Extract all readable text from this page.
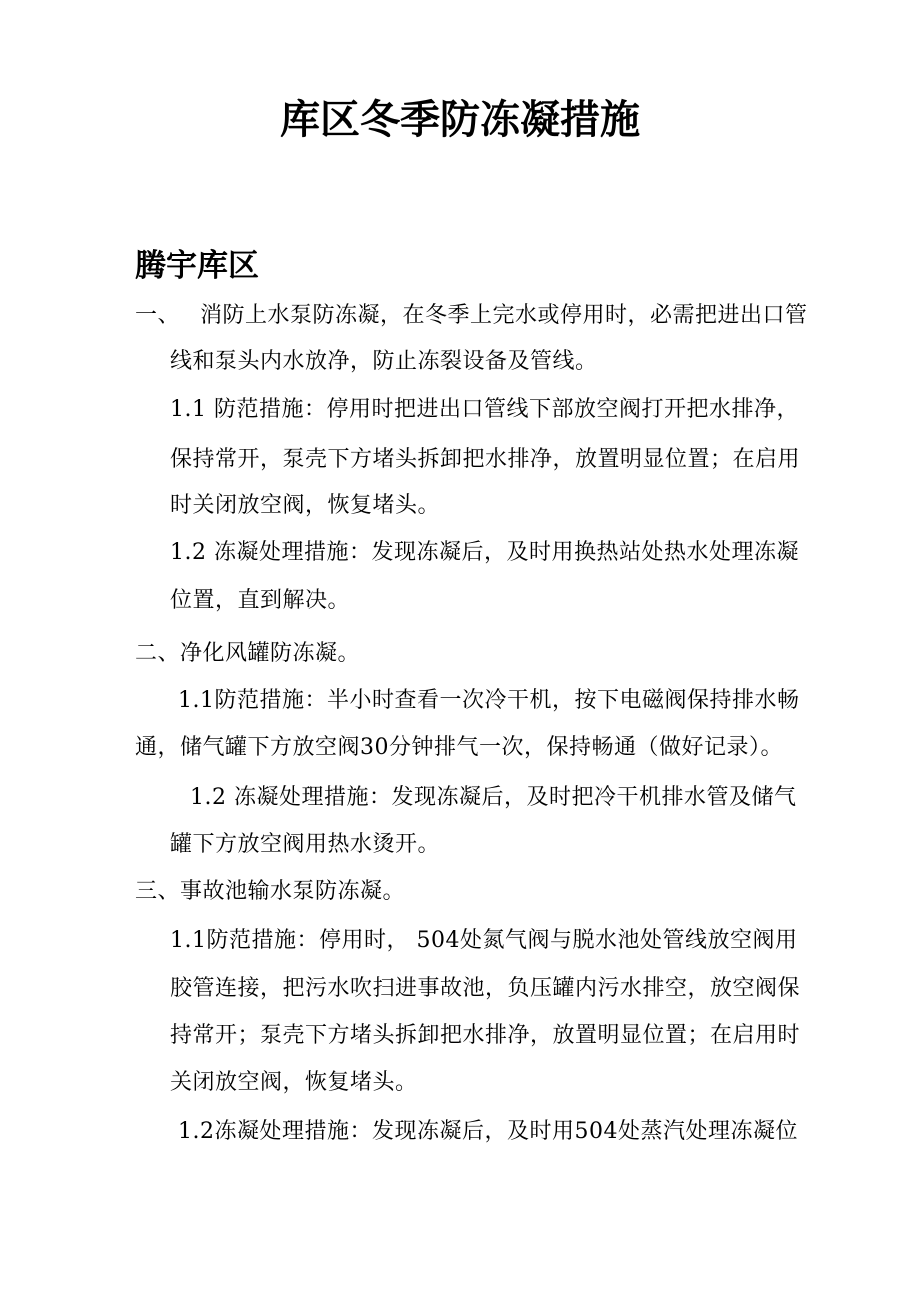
库区冬季防冻凝措施
腾宇库区
一、 消防上水泵防冻凝，在冬季上完水或停用时，必需把进出口管
线和泵头内水放净，防止冻裂设备及管线。
1.1 防范措施：停用时把进出口管线下部放空阀打开把水排净，
保持常开，泵壳下方堵头拆卸把水排净，放置明显位置；在启用
时关闭放空阀，恢复堵头。
1.2 冻凝处理措施：发现冻凝后，及时用换热站处热水处理冻凝
位置，直到解决。
二、净化风罐防冻凝。
1.1防范措施：半小时查看一次冷干机，按下电磁阀保持排水畅
通，储气罐下方放空阀30分钟排气一次，保持畅通（做好记录）。
1.2 冻凝处理措施：发现冻凝后，及时把冷干机排水管及储气
罐下方放空阀用热水烫开。
三、事故池输水泵防冻凝。
1.1防范措施：停用时， 504处氮气阀与脱水池处管线放空阀用
胶管连接，把污水吹扫进事故池，负压罐内污水排空，放空阀保
持常开；泵壳下方堵头拆卸把水排净，放置明显位置；在启用时
关闭放空阀，恢复堵头。
1.2冻凝处理措施：发现冻凝后，及时用504处蒸汽处理冻凝位
